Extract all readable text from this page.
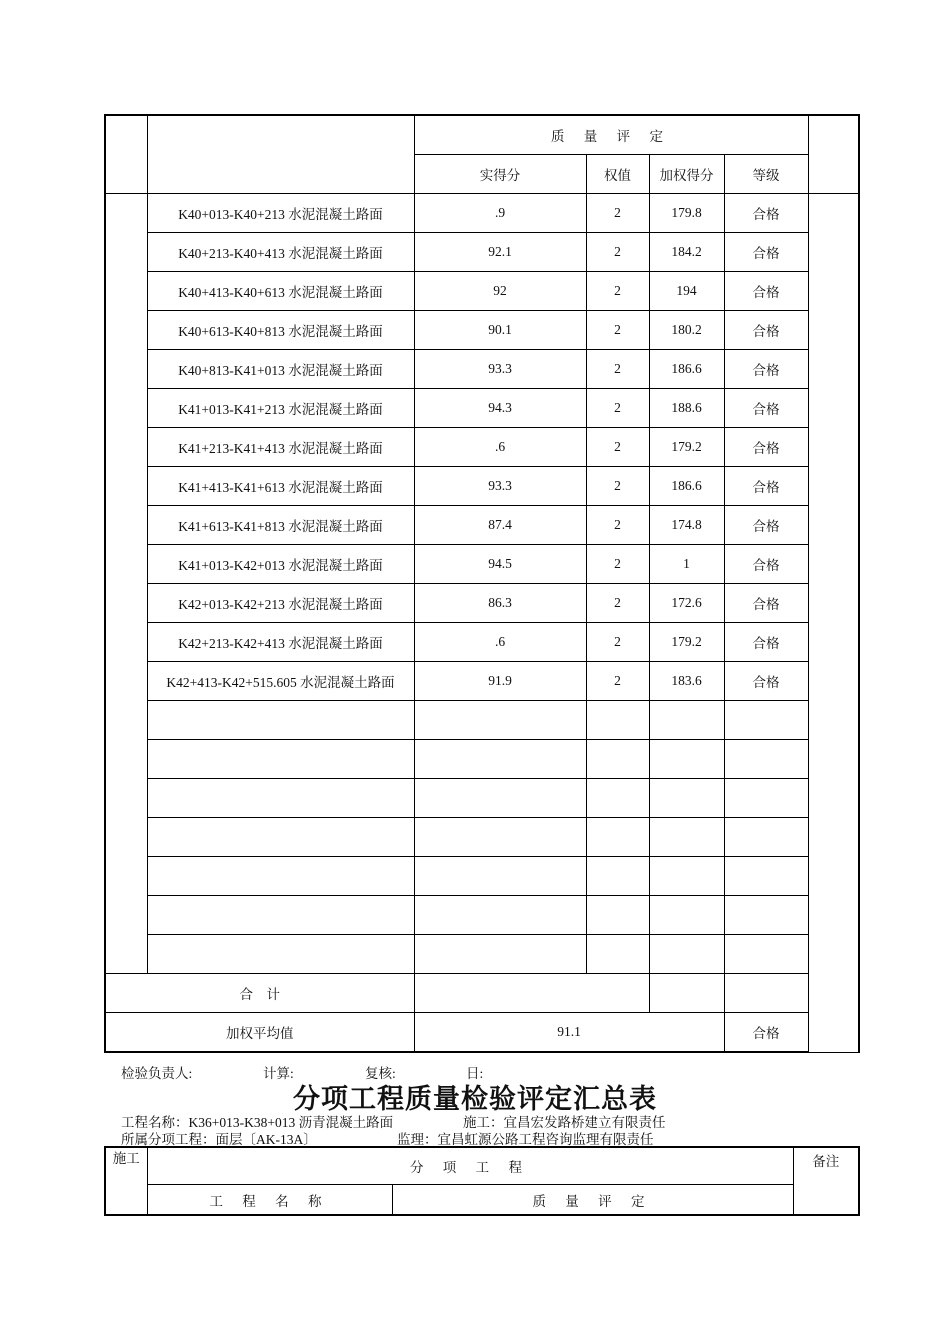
		质 量 评 定				
		实得分	权值	加权得分	等级	
	K40+013-K40+213 水泥混凝土路面	.9	2	179.8	合格	
	K40+213-K40+413 水泥混凝土路面	92.1	2	184.2	合格	
	K40+413-K40+613 水泥混凝土路面	92	2	194	合格	
	K40+613-K40+813 水泥混凝土路面	90.1	2	180.2	合格	
	K40+813-K41+013 水泥混凝土路面	93.3	2	186.6	合格	
	K41+013-K41+213 水泥混凝土路面	94.3	2	188.6	合格	
	K41+213-K41+413 水泥混凝土路面	.6	2	179.2	合格	
	K41+413-K41+613 水泥混凝土路面	93.3	2	186.6	合格	
	K41+613-K41+813 水泥混凝土路面	87.4	2	174.8	合格	
	K41+013-K42+013 水泥混凝土路面	94.5	2	1	合格	
	K42+013-K42+213 水泥混凝土路面	86.3	2	172.6	合格	
	K42+213-K42+413 水泥混凝土路面	.6	2	179.2	合格	
	K42+413-K42+515.605 水泥混凝土路面	91.9	2	183.6	合格	

合　计						
加权平均值		91.1			合格	
检验负责人:	计算:	复核:	日:
分项工程质量检验评定汇总表
工程名称：K36+013-K38+013 沥青混凝土路面	施工：宜昌宏发路桥建立有限责任
所属分项工程：面层〔AK-13A〕	监理：宜昌虹源公路工程咨询监理有限责任
施工	分 项 工 程		备注
	工 程 名 称	质 量 评 定	
